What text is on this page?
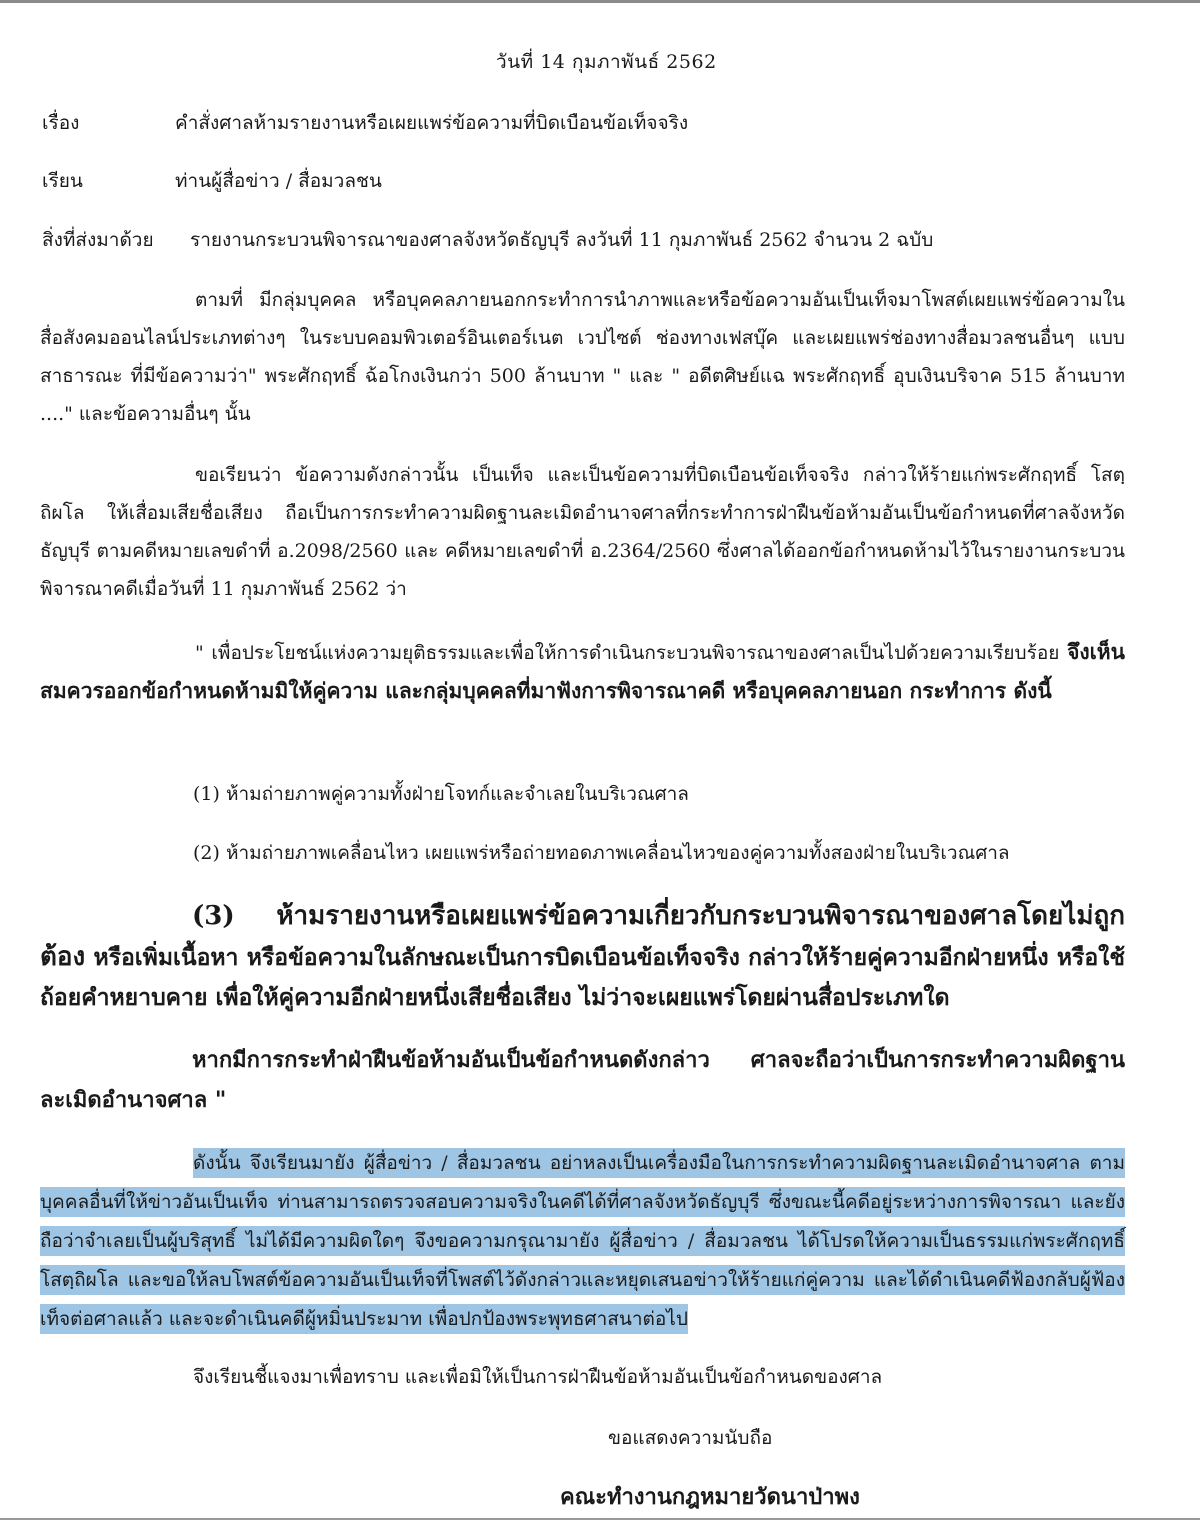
วันที่ 14 กุมภาพันธ์ 2562
เรื่อง	คำสั่งศาลห้ามรายงานหรือเผยแพร่ข้อความที่บิดเบือนข้อเท็จจริง
เรียน	ท่านผู้สื่อข่าว / สื่อมวลชน
สิ่งที่ส่งมาด้วย รายงานกระบวนพิจารณาของศาลจังหวัดธัญบุรี ลงวันที่ 11 กุมภาพันธ์ 2562 จำนวน 2 ฉบับ
ตามที่ มีกลุ่มบุคคล หรือบุคคลภายนอกกระทำการนำภาพและหรือข้อความอันเป็นเท็จมาโพสต์เผยแพร่ข้อความในสื่อสังคมออนไลน์ประเภทต่างๆ ในระบบคอมพิวเตอร์อินเตอร์เนต เวปไซต์ ช่องทางเฟสบุ๊ค และเผยแพร่ช่องทางสื่อมวลชนอื่นๆ แบบสาธารณะ ที่มีข้อความว่า" พระศักฤทธิ์ ฉ้อโกงเงินกว่า 500 ล้านบาท " และ " อดีตศิษย์แฉ พระศักฤทธิ์ อุบเงินบริจาค 515 ล้านบาท ...." และข้อความอื่นๆ นั้น
ขอเรียนว่า ข้อความดังกล่าวนั้น เป็นเท็จ และเป็นข้อความที่บิดเบือนข้อเท็จจริง กล่าวให้ร้ายแก่พระศักฤทธิ์ โสตฺถิผโล ให้เสื่อมเสียชื่อเสียง ถือเป็นการกระทำความผิดฐานละเมิดอำนาจศาลที่กระทำการฝ่าฝืนข้อห้ามอันเป็นข้อกำหนดที่ศาลจังหวัดธัญบุรี ตามคดีหมายเลขดำที่ อ.2098/2560 และ คดีหมายเลขดำที่ อ.2364/2560 ซึ่งศาลได้ออกข้อกำหนดห้ามไว้ในรายงานกระบวนพิจารณาคดีเมื่อวันที่ 11 กุมภาพันธ์ 2562 ว่า
" เพื่อประโยชน์แห่งความยุติธรรมและเพื่อให้การดำเนินกระบวนพิจารณาของศาลเป็นไปด้วยความเรียบร้อย จึงเห็นสมควรออกข้อกำหนดห้ามมิให้คู่ความ และกลุ่มบุคคลที่มาฟังการพิจารณาคดี หรือบุคคลภายนอก กระทำการ ดังนี้
(1) ห้ามถ่ายภาพคู่ความทั้งฝ่ายโจทก์และจำเลยในบริเวณศาล
(2) ห้ามถ่ายภาพเคลื่อนไหว เผยแพร่หรือถ่ายทอดภาพเคลื่อนไหวของคู่ความทั้งสองฝ่ายในบริเวณศาล
(3) ห้ามรายงานหรือเผยแพร่ข้อความเกี่ยวกับกระบวนพิจารณาของศาลโดยไม่ถูกต้อง หรือเพิ่มเนื้อหา หรือข้อความในลักษณะเป็นการบิดเบือนข้อเท็จจริง กล่าวให้ร้ายคู่ความอีกฝ่ายหนึ่ง หรือใช้ถ้อยคำหยาบคาย เพื่อให้คู่ความอีกฝ่ายหนึ่งเสียชื่อเสียง ไม่ว่าจะเผยแพร่โดยผ่านสื่อประเภทใด
หากมีการกระทำฝ่าฝืนข้อห้ามอันเป็นข้อกำหนดดังกล่าว ศาลจะถือว่าเป็นการกระทำความผิดฐานละเมิดอำนาจศาล "
ดังนั้น จึงเรียนมายัง ผู้สื่อข่าว / สื่อมวลชน อย่าหลงเป็นเครื่องมือในการกระทำความผิดฐานละเมิดอำนาจศาล ตามบุคคลอื่นที่ให้ข่าวอันเป็นเท็จ ท่านสามารถตรวจสอบความจริงในคดีได้ที่ศาลจังหวัดธัญบุรี ซึ่งขณะนี้คดีอยู่ระหว่างการพิจารณา และยังถือว่าจำเลยเป็นผู้บริสุทธิ์ ไม่ได้มีความผิดใดๆ จึงขอความกรุณามายัง ผู้สื่อข่าว / สื่อมวลชน ได้โปรดให้ความเป็นธรรมแก่พระศักฤทธิ์ โสตฺถิผโล และขอให้ลบโพสต์ข้อความอันเป็นเท็จที่โพสต์ไว้ดังกล่าวและหยุดเสนอข่าวให้ร้ายแก่คู่ความ และได้ดำเนินคดีฟ้องกลับผู้ฟ้องเท็จต่อศาลแล้ว และจะดำเนินคดีผู้หมิ่นประมาท เพื่อปกป้องพระพุทธศาสนาต่อไป
จึงเรียนชี้แจงมาเพื่อทราบ และเพื่อมิให้เป็นการฝ่าฝืนข้อห้ามอันเป็นข้อกำหนดของศาล
ขอแสดงความนับถือ
คณะทำงานกฎหมายวัดนาป่าพง
